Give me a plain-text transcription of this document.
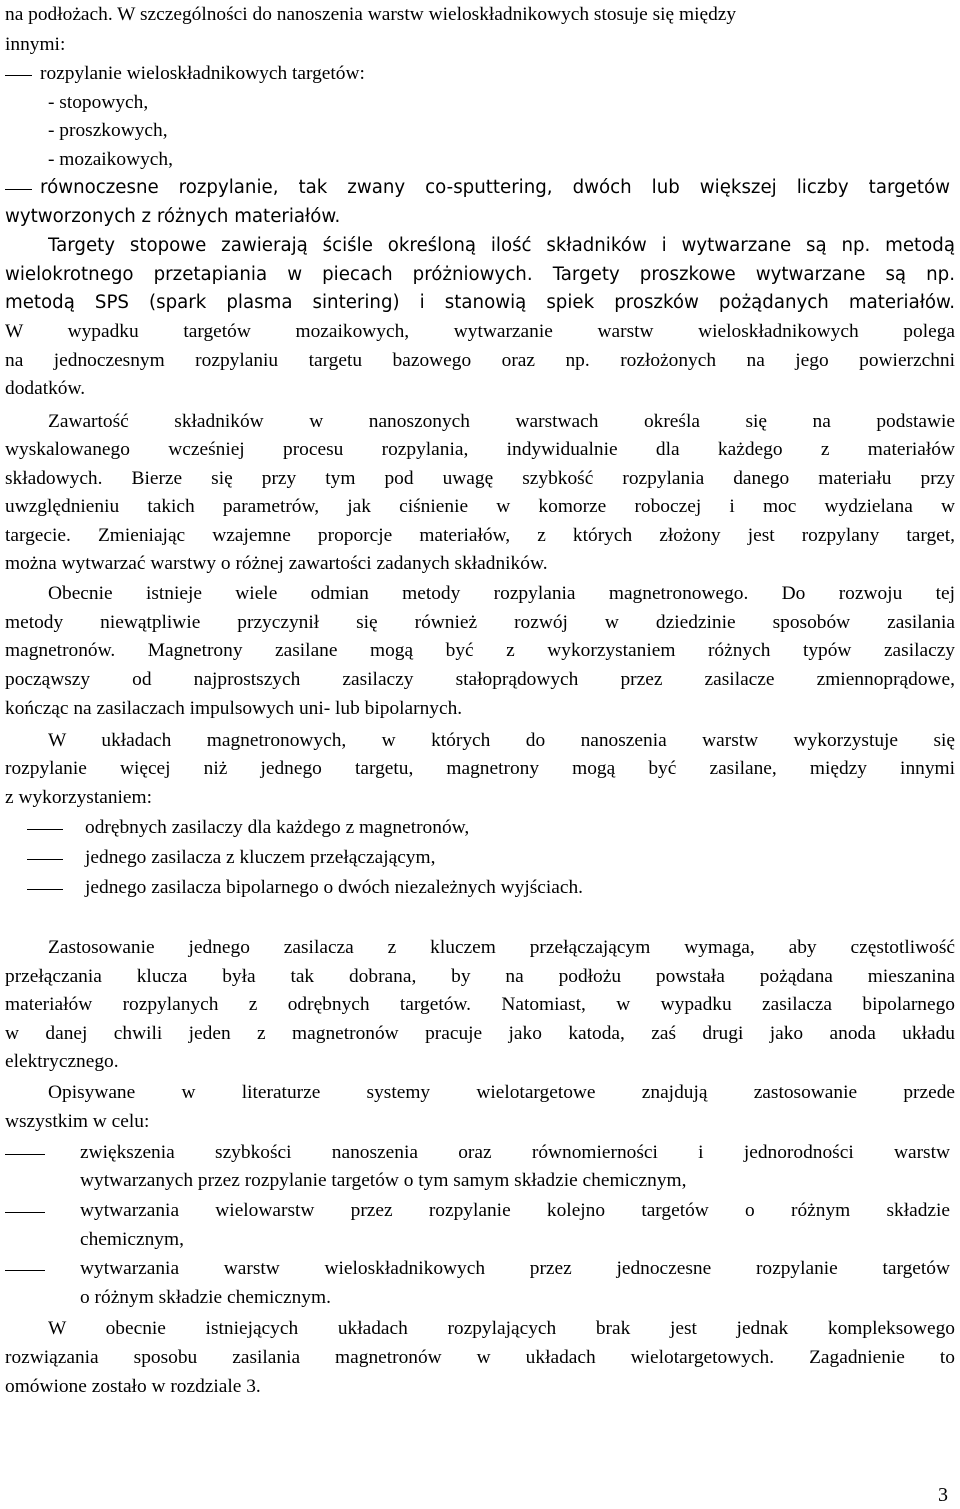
na podłożach. W szczególności do nanoszenia warstw wieloskładnikowych stosuje się między
innymi:
rozpylanie wieloskładnikowych targetów:
- stopowych,
- proszkowych,
- mozaikowych,
równoczesne rozpylanie, tak zwany co-sputtering, dwóch lub większej liczby targetów
wytworzonych z różnych materiałów.
Targety stopowe zawierają ściśle określoną ilość składników i wytwarzane są np. metodą
wielokrotnego przetapiania w piecach próżniowych. Targety proszkowe wytwarzane są np.
metodą SPS (spark plasma sintering) i stanowią spiek proszków pożądanych materiałów.
W wypadku targetów mozaikowych, wytwarzanie warstw wieloskładnikowych polega
na jednoczesnym rozpylaniu targetu bazowego oraz np. rozłożonych na jego powierzchni
dodatków.
Zawartość składników w nanoszonych warstwach określa się na podstawie
wyskalowanego wcześniej procesu rozpylania, indywidualnie dla każdego z materiałów
składowych. Bierze się przy tym pod uwagę szybkość rozpylania danego materiału przy
uwzględnieniu takich parametrów, jak ciśnienie w komorze roboczej i moc wydzielana w
targecie. Zmieniając wzajemne proporcje materiałów, z których złożony jest rozpylany target,
można wytwarzać warstwy o różnej zawartości zadanych składników.
Obecnie istnieje wiele odmian metody rozpylania magnetronowego. Do rozwoju tej
metody niewątpliwie przyczynił się również rozwój w dziedzinie sposobów zasilania
magnetronów. Magnetrony zasilane mogą być z wykorzystaniem różnych typów zasilaczy
począwszy od najprostszych zasilaczy stałoprądowych przez zasilacze zmiennoprądowe,
kończąc na zasilaczach impulsowych uni- lub bipolarnych.
W układach magnetronowych, w których do nanoszenia warstw wykorzystuje się
rozpylanie więcej niż jednego targetu, magnetrony mogą być zasilane, między innymi
z wykorzystaniem:
odrębnych zasilaczy dla każdego z magnetronów,
jednego zasilacza z kluczem przełączającym,
jednego zasilacza bipolarnego o dwóch niezależnych wyjściach.
Zastosowanie jednego zasilacza z kluczem przełączającym wymaga, aby częstotliwość
przełączania klucza była tak dobrana, by na podłożu powstała pożądana mieszanina
materiałów rozpylanych z odrębnych targetów. Natomiast, w wypadku zasilacza bipolarnego
w danej chwili jeden z magnetronów pracuje jako katoda, zaś drugi jako anoda układu
elektrycznego.
Opisywane w literaturze systemy wielotargetowe znajdują zastosowanie przede
wszystkim w celu:
zwiększenia szybkości nanoszenia oraz równomierności i jednorodności warstw
wytwarzanych przez rozpylanie targetów o tym samym składzie chemicznym,
wytwarzania wielowarstw przez rozpylanie kolejno targetów o różnym składzie
chemicznym,
wytwarzania warstw wieloskładnikowych przez jednoczesne rozpylanie targetów
o różnym składzie chemicznym.
W obecnie istniejących układach rozpylających brak jest jednak kompleksowego
rozwiązania sposobu zasilania magnetronów w układach wielotargetowych. Zagadnienie to
omówione zostało w rozdziale 3.
3
